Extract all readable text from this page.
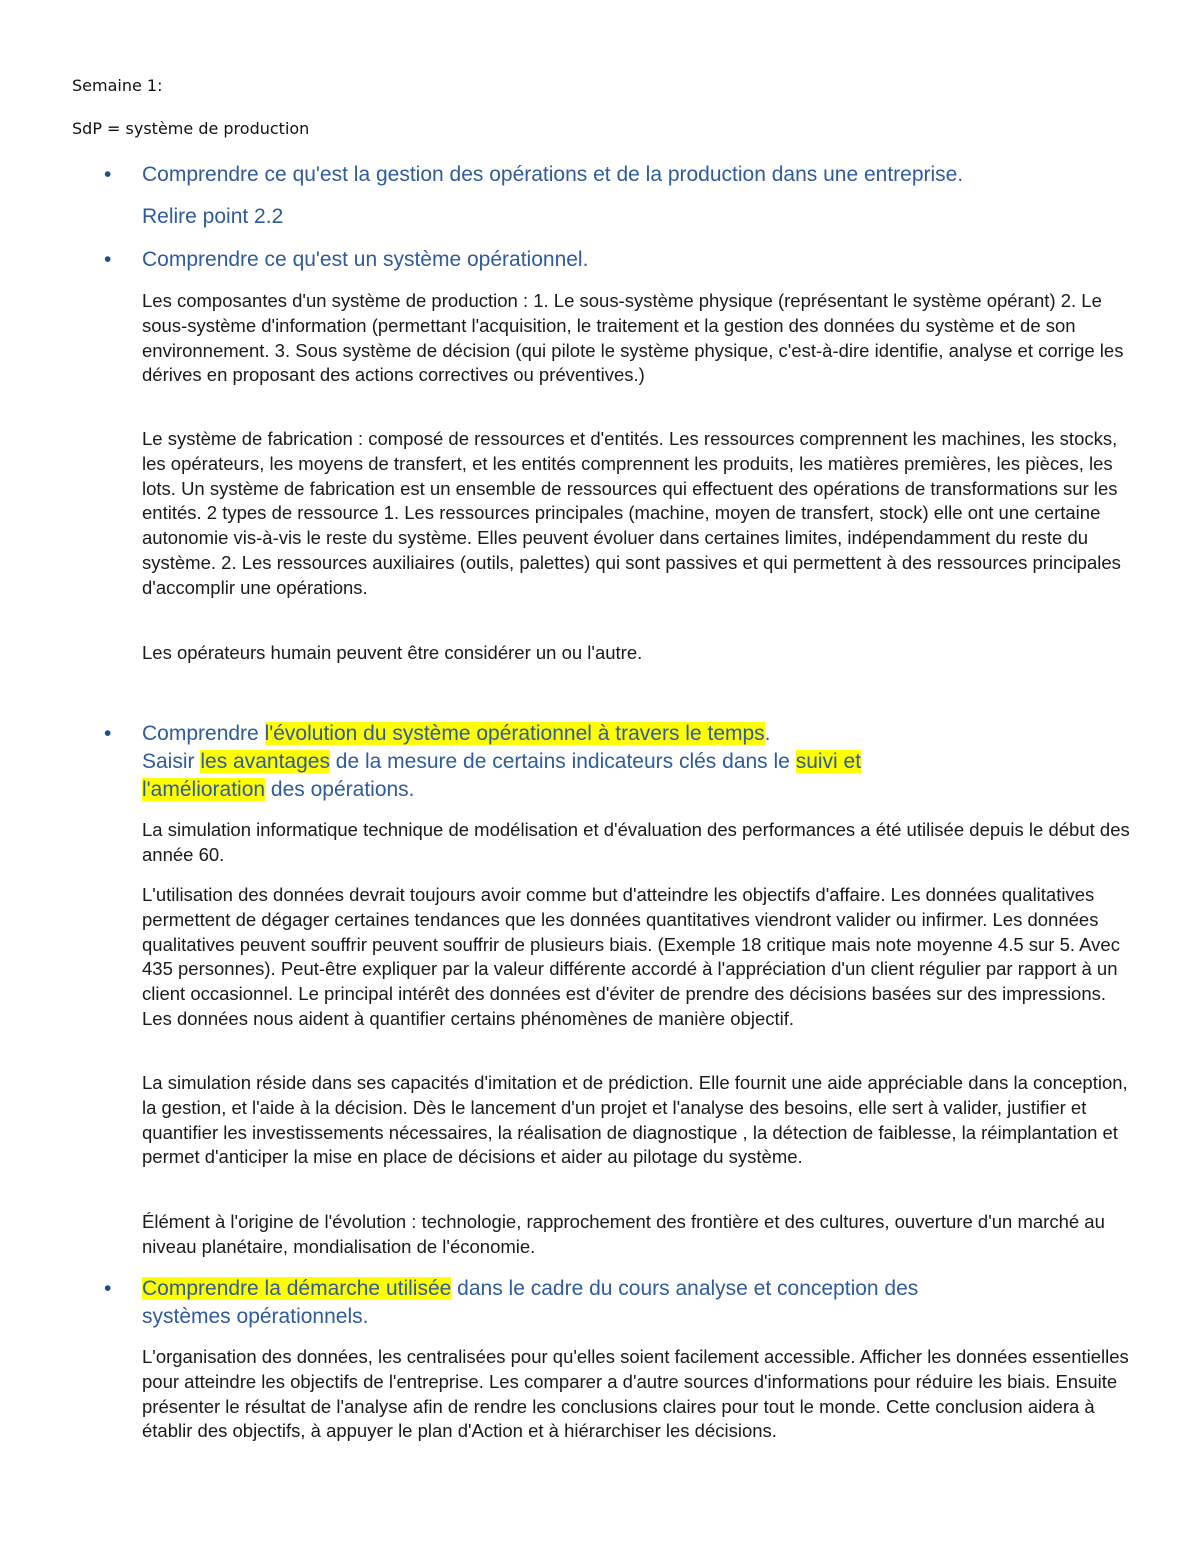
Semaine 1:
SdP = système de production
• Comprendre ce qu'est la gestion des opérations et de la production dans une entreprise.
Relire point 2.2
• Comprendre ce qu'est un système opérationnel.
Les composantes d'un système de production : 1. Le sous-système physique (représentant le système opérant) 2. Le sous-système d'information (permettant l'acquisition, le traitement et la gestion des données du système et de son environnement. 3. Sous système de décision (qui pilote le système physique, c'est-à-dire identifie, analyse et corrige les dérives en proposant des actions correctives ou préventives.)
Le système de fabrication : composé de ressources et d'entités. Les ressources comprennent les machines, les stocks, les opérateurs, les moyens de transfert, et les entités comprennent les produits, les matières premières, les pièces, les lots. Un système de fabrication est un ensemble de ressources qui effectuent des opérations de transformations sur les entités. 2 types de ressource 1. Les ressources principales (machine, moyen de transfert, stock) elle ont une certaine autonomie vis-à-vis le reste du système. Elles peuvent évoluer dans certaines limites, indépendamment du reste du système. 2. Les ressources auxiliaires (outils, palettes) qui sont passives et qui permettent à des ressources principales d'accomplir une opérations.
Les opérateurs humain peuvent être considérer un ou l'autre.
• Comprendre l'évolution du système opérationnel à travers le temps.
Saisir les avantages de la mesure de certains indicateurs clés dans le suivi et
l'amélioration des opérations.
La simulation informatique technique de modélisation et d'évaluation des performances a été utilisée depuis le début des année 60.
L'utilisation des données devrait toujours avoir comme but d'atteindre les objectifs d'affaire. Les données qualitatives permettent de dégager certaines tendances que les données quantitatives viendront valider ou infirmer. Les données qualitatives peuvent souffrir peuvent souffrir de plusieurs biais. (Exemple 18 critique mais note moyenne 4.5 sur 5. Avec 435 personnes). Peut-être expliquer par la valeur différente accordé à l'appréciation d'un client régulier par rapport à un client occasionnel. Le principal intérêt des données est d'éviter de prendre des décisions basées sur des impressions. Les données nous aident à quantifier certains phénomènes de manière objectif.
La simulation réside dans ses capacités d'imitation et de prédiction. Elle fournit une aide appréciable dans la conception, la gestion, et l'aide à la décision. Dès le lancement d'un projet et l'analyse des besoins, elle sert à valider, justifier et quantifier les investissements nécessaires, la réalisation de diagnostique , la détection de faiblesse, la réimplantation et permet d'anticiper la mise en place de décisions et aider au pilotage du système.
Élément à l'origine de l'évolution : technologie, rapprochement des frontière et des cultures, ouverture d'un marché au niveau planétaire, mondialisation de l'économie.
• Comprendre la démarche utilisée dans le cadre du cours analyse et conception des
systèmes opérationnels.
L'organisation des données, les centralisées pour qu'elles soient facilement accessible. Afficher les données essentielles pour atteindre les objectifs de l'entreprise. Les comparer a d'autre sources d'informations pour réduire les biais. Ensuite présenter le résultat de l'analyse afin de rendre les conclusions claires pour tout le monde. Cette conclusion aidera à établir des objectifs, à appuyer le plan d'Action et à hiérarchiser les décisions.
